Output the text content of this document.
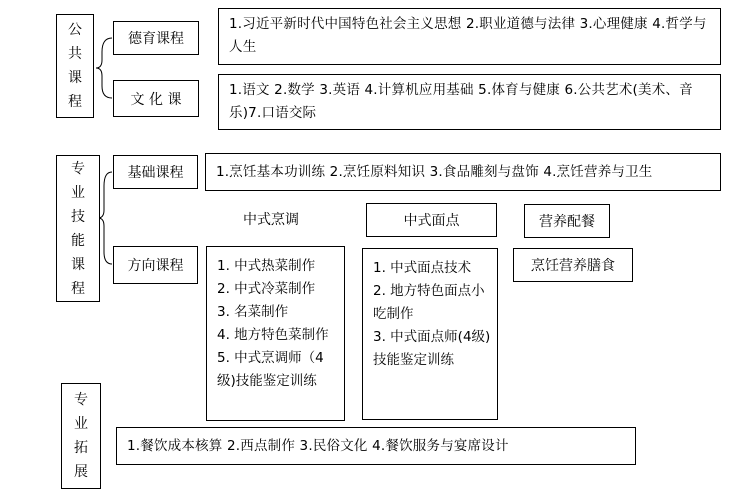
公
共
课
程
德育课程
1.习近平新时代中国特色社会主义思想 2.职业道德与法律 3.心理健康 4.哲学与人生
文 化 课
1.语文 2.数学 3.英语 4.计算机应用基础 5.体育与健康 6.公共艺术(美术、音乐)7.口语交际
专
业
技
能
课
程
基础课程 1.烹饪基本功训练 2.烹饪原料知识 3.食品雕刻与盘饰 4.烹饪营养与卫生
方向课程
中式烹调
1. 中式热菜制作
2. 中式冷菜制作
3. 名菜制作
4. 地方特色菜制作
5. 中式烹调师（4级)技能鉴定训练
中式面点
1. 中式面点技术
2. 地方特色面点小吃制作
3. 中式面点师(4级) 技能鉴定训练
营养配餐
烹饪营养膳食
专
业
拓
展
1.餐饮成本核算 2.西点制作 3.民俗文化 4.餐饮服务与宴席设计
